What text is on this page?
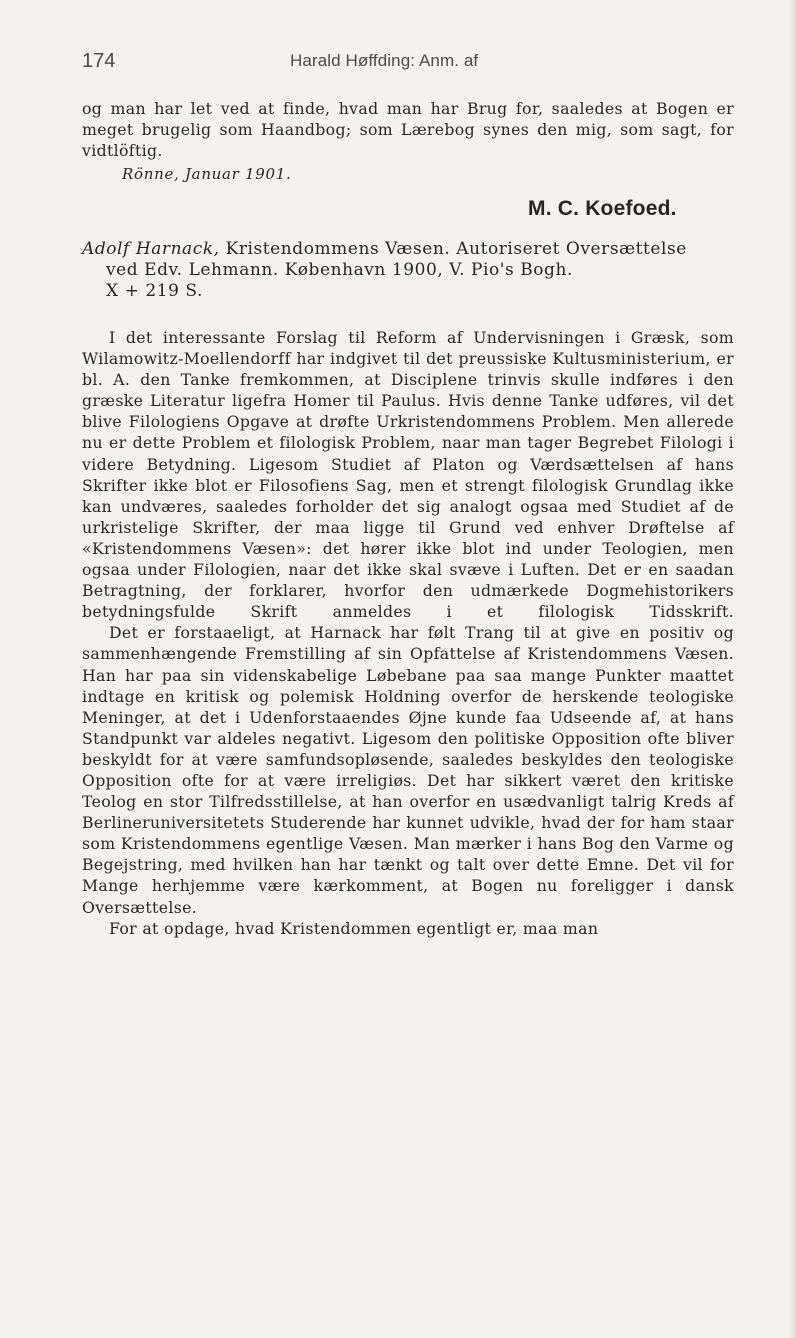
174	Harald Høffding: Anm. af

og man har let ved at finde, hvad man har Brug for, saaledes at Bogen er meget brugelig som Haandbog; som Lærebog synes den mig, som sagt, for vidtlöftig.

Rönne, Januar 1901.
M. C. Koefoed.
Adolf Harnack, Kristendommens Væsen. Autoriseret Oversættelse
ved Edv. Lehmann. København 1900, V. Pio's Bogh.
X + 219 S.

I det interessante Forslag til Reform af Undervisningen i Græsk, som Wilamowitz-Moellendorff har indgivet til det preussiske Kultusministerium, er bl. A. den Tanke fremkommen, at Disciplene trinvis skulle indføres i den græske Literatur ligefra Homer til Paulus. Hvis denne Tanke udføres, vil det blive Filologiens Opgave at drøfte Urkristendommens Problem. Men allerede nu er dette Problem et filologisk Problem, naar man tager Begrebet Filologi i videre Betydning. Ligesom Studiet af Platon og Værdsættelsen af hans Skrifter ikke blot er Filosofiens Sag, men et strengt filologisk Grundlag ikke kan undværes, saaledes forholder det sig analogt ogsaa med Studiet af de urkristelige Skrifter, der maa ligge til Grund ved enhver Drøftelse af «Kristendommens Væsen»: det hører ikke blot ind under Teologien, men ogsaa under Filologien, naar det ikke skal svæve i Luften. Det er en saadan Betragtning, der forklarer, hvorfor den udmærkede Dogmehistorikers betydningsfulde Skrift anmeldes i et filologisk Tidsskrift.

Det er forstaaeligt, at Harnack har følt Trang til at give en positiv og sammenhængende Fremstilling af sin Opfattelse af Kristendommens Væsen. Han har paa sin videnskabelige Løbebane paa saa mange Punkter maattet indtage en kritisk og polemisk Holdning overfor de herskende teologiske Meninger, at det i Udenforstaaendes Øjne kunde faa Udseende af, at hans Standpunkt var aldeles negativt. Ligesom den politiske Opposition ofte bliver beskyldt for at være samfundsopløsende, saaledes beskyldes den teologiske Opposition ofte for at være irreligiøs. Det har sikkert været den kritiske Teolog en stor Tilfredsstillelse, at han overfor en usædvanligt talrig Kreds af Berlineruniversitetets Studerende har kunnet udvikle, hvad der for ham staar som Kristendommens egentlige Væsen. Man mærker i hans Bog den Varme og Begejstring, med hvilken han har tænkt og talt over dette Emne. Det vil for Mange herhjemme være kærkomment, at Bogen nu foreligger i dansk Oversættelse.

For at opdage, hvad Kristendommen egentligt er, maa man
